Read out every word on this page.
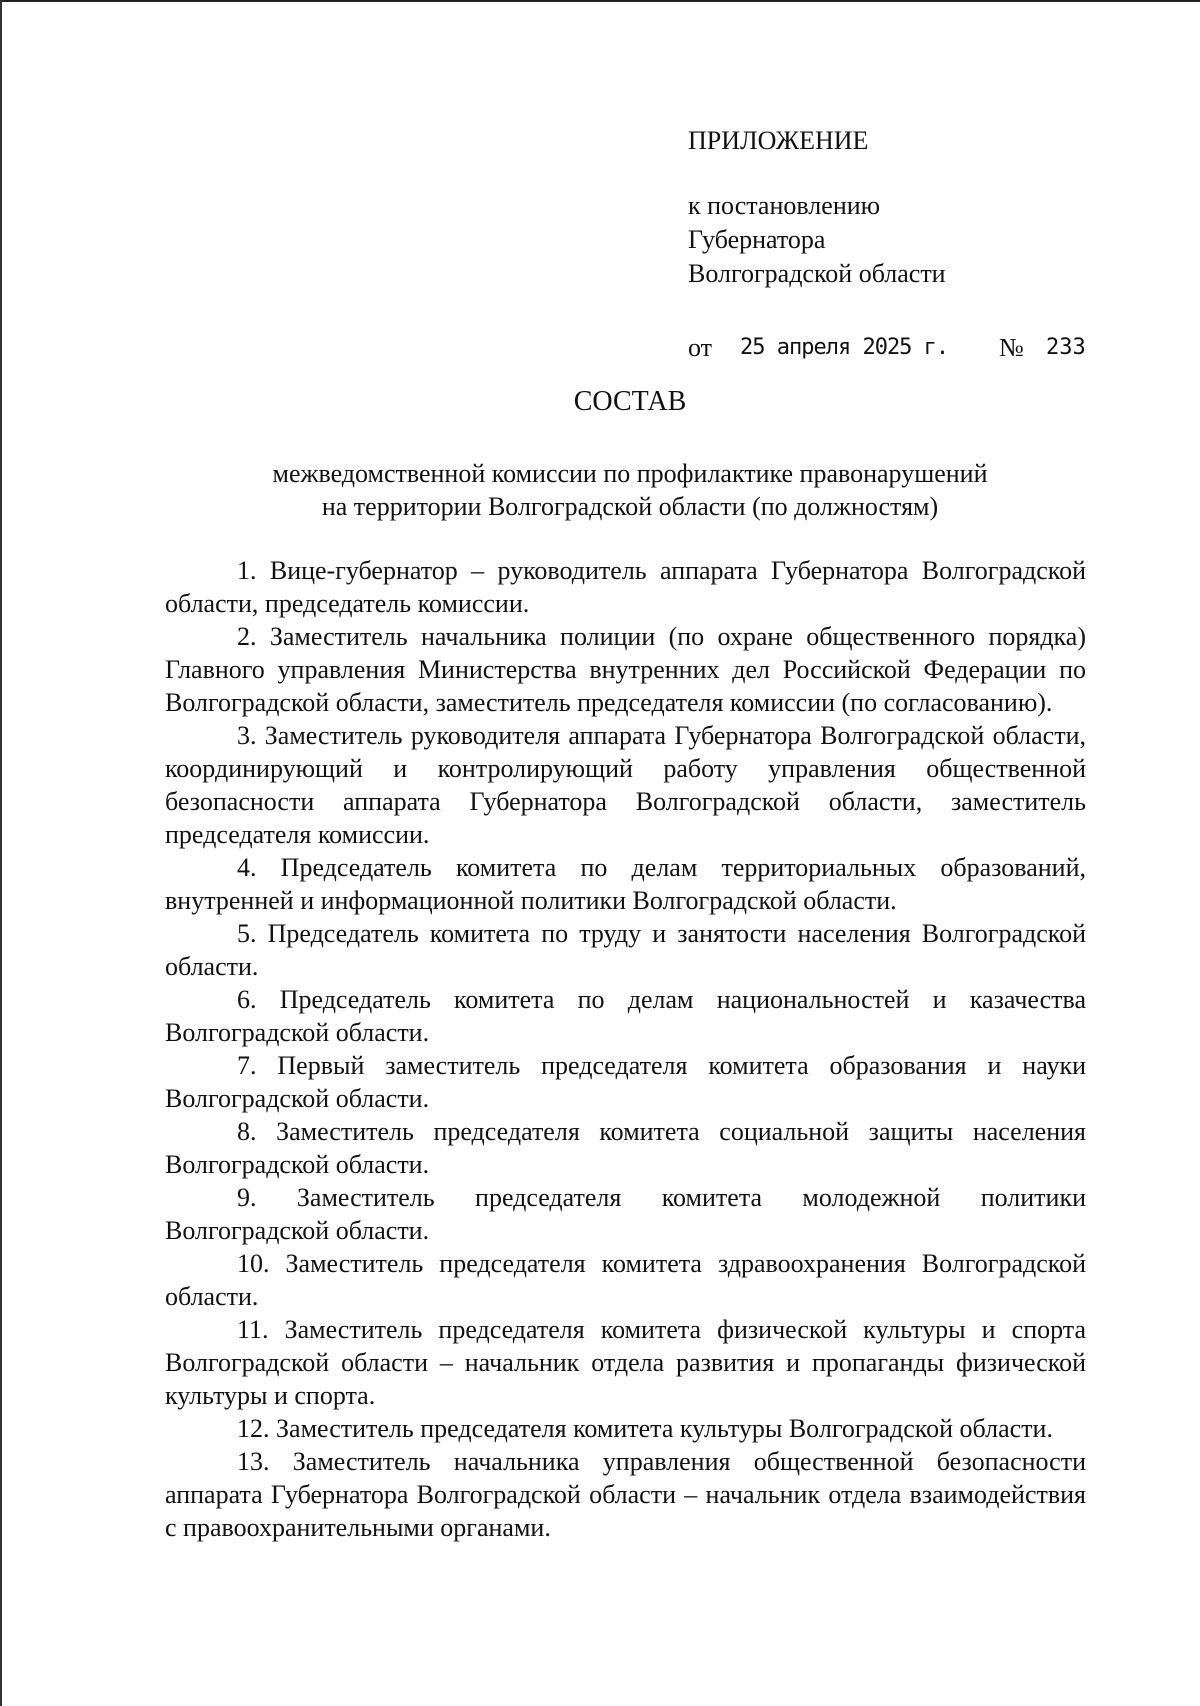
ПРИЛОЖЕНИЕ
к постановлению
Губернатора
Волгоградской области
от 25 апреля 2025 г. № 233
СОСТАВ
межведомственной комиссии по профилактике правонарушений
на территории Волгоградской области (по должностям)

1. Вице-губернатор – руководитель аппарата Губернатора Волгоградской области, председатель комиссии.

2. Заместитель начальника полиции (по охране общественного порядка) Главного управления Министерства внутренних дел Российской Федерации по Волгоградской области, заместитель председателя комиссии (по согласованию).

3. Заместитель руководителя аппарата Губернатора Волгоградской области, координирующий и контролирующий работу управления общественной безопасности аппарата Губернатора Волгоградской области, заместитель председателя комиссии.

4. Председатель комитета по делам территориальных образований, внутренней и информационной политики Волгоградской области.

5. Председатель комитета по труду и занятости населения Волгоградской области.

6. Председатель комитета по делам национальностей и казачества Волгоградской области.

7. Первый заместитель председателя комитета образования и науки Волгоградской области.

8. Заместитель председателя комитета социальной защиты населения Волгоградской области.

9. Заместитель председателя комитета молодежной политики Волгоградской области.

10. Заместитель председателя комитета здравоохранения Волгоградской области.

11. Заместитель председателя комитета физической культуры и спорта Волгоградской области – начальник отдела развития и пропаганды физической культуры и спорта.

12. Заместитель председателя комитета культуры Волгоградской области.

13. Заместитель начальника управления общественной безопасности аппарата Губернатора Волгоградской области – начальник отдела взаимодействия с правоохранительными органами.
